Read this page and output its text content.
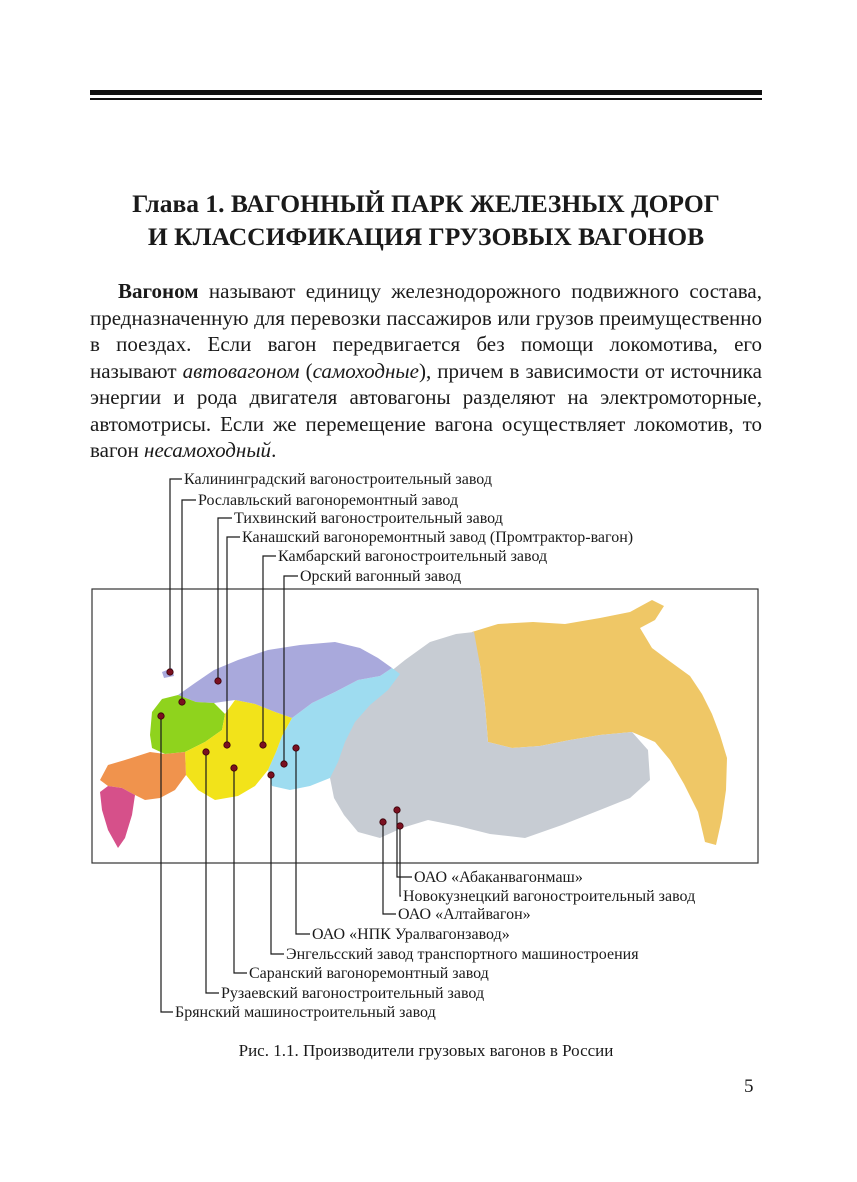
Глава 1. ВАГОННЫЙ ПАРК ЖЕЛЕЗНЫХ ДОРОГ
И КЛАССИФИКАЦИЯ ГРУЗОВЫХ ВАГОНОВ

Вагоном называют единицу железнодорожного подвижного состава, предназначенную для перевозки пассажиров или грузов преимущественно в поездах. Если вагон передвигается без помощи локомотива, его называют автовагоном (самоходные), причем в зависимости от источника энергии и рода двигателя автовагоны разделяют на электромоторные, автомотрисы. Если же перемещение вагона осуществляет локомотив, то вагон несамоходный.

Калининградский вагоностроительный завод
Рославльский вагоноремонтный завод
Тихвинский вагоностроительный завод
Канашский вагоноремонтный завод (Промтрактор-вагон)
Камбарский вагоностроительный завод
Орский вагонный завод
ОАО «Абаканвагонмаш»
Новокузнецкий вагоностроительный завод
ОАО «Алтайвагон»
ОАО «НПК Уралвагонзавод»
Энгельсский завод транспортного машиностроения
Саранский вагоноремонтный завод
Рузаевский вагоностроительный завод
Брянский машиностроительный завод

Рис. 1.1. Производители грузовых вагонов в России

5
